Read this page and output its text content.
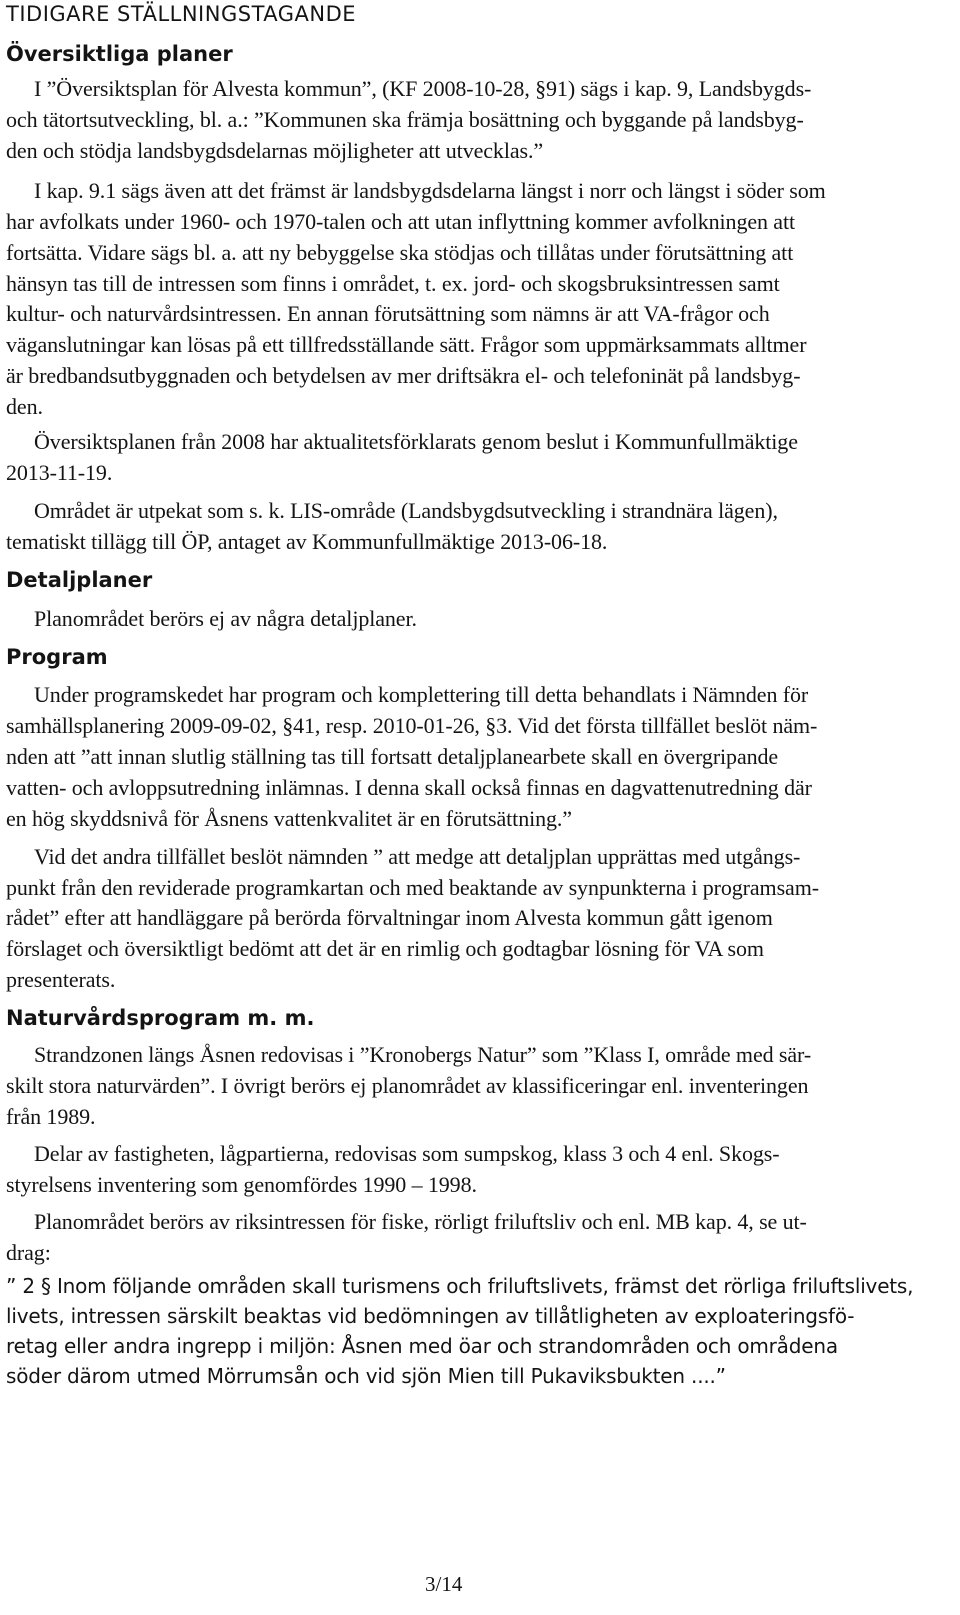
TIDIGARE STÄLLNINGSTAGANDE
Översiktliga planer
I ”Översiktsplan för Alvesta kommun”, (KF 2008-10-28, §91) sägs i kap. 9, Landsbygds-
och tätortsutveckling, bl. a.: ”Kommunen ska främja bosättning och byggande på landsbyg-
den och stödja landsbygdsdelarnas möjligheter att utvecklas.”
I kap. 9.1 sägs även att det främst är landsbygdsdelarna längst i norr och längst i söder som
har avfolkats under 1960- och 1970-talen och att utan inflyttning kommer avfolkningen att
fortsätta. Vidare sägs bl. a. att ny bebyggelse ska stödjas och tillåtas under förutsättning att
hänsyn tas till de intressen som finns i området, t. ex. jord- och skogsbruksintressen samt
kultur- och naturvårdsintressen. En annan förutsättning som nämns är att VA-frågor och
väganslutningar kan lösas på ett tillfredsställande sätt. Frågor som uppmärksammats alltmer
är bredbandsutbyggnaden och betydelsen av mer driftsäkra el- och telefoninät på landsbyg-
den.
Översiktsplanen från 2008 har aktualitetsförklarats genom beslut i Kommunfullmäktige
2013-11-19.
Området är utpekat som s. k. LIS-område (Landsbygdsutveckling i strandnära lägen),
tematiskt tillägg till ÖP, antaget av Kommunfullmäktige 2013-06-18.
Detaljplaner
Planområdet berörs ej av några detaljplaner.
Program
Under programskedet har program och komplettering till detta behandlats i Nämnden för
samhällsplanering 2009-09-02, §41, resp. 2010-01-26, §3. Vid det första tillfället beslöt näm-
nden att ”att innan slutlig ställning tas till fortsatt detaljplanearbete skall en övergripande
vatten- och avloppsutredning inlämnas. I denna skall också finnas en dagvattenutredning där
en hög skyddsnivå för Åsnens vattenkvalitet är en förutsättning.”
Vid det andra tillfället beslöt nämnden ” att medge att detaljplan upprättas med utgångs-
punkt från den reviderade programkartan och med beaktande av synpunkterna i programsam-
rådet” efter att handläggare på berörda förvaltningar inom Alvesta kommun gått igenom
förslaget och översiktligt bedömt att det är en rimlig och godtagbar lösning för VA som
presenterats.
Naturvårdsprogram m. m.
Strandzonen längs Åsnen redovisas i ”Kronobergs Natur” som ”Klass I, område med sär-
skilt stora naturvärden”. I övrigt berörs ej planområdet av klassificeringar enl. inventeringen
från 1989.
Delar av fastigheten, lågpartierna, redovisas som sumpskog, klass 3 och 4 enl. Skogs-
styrelsens inventering som genomfördes 1990 – 1998.
Planområdet berörs av riksintressen för fiske, rörligt friluftsliv och enl. MB kap. 4, se ut-
drag:
” 2 § Inom följande områden skall turismens och friluftslivets, främst det rörliga friluftslivets,
livets, intressen särskilt beaktas vid bedömningen av tillåtligheten av exploateringsfö-
retag eller andra ingrepp i miljön: Åsnen med öar och strandområden och områdena
söder därom utmed Mörrumsån och vid sjön Mien till Pukaviksbukten ....”
3/14
